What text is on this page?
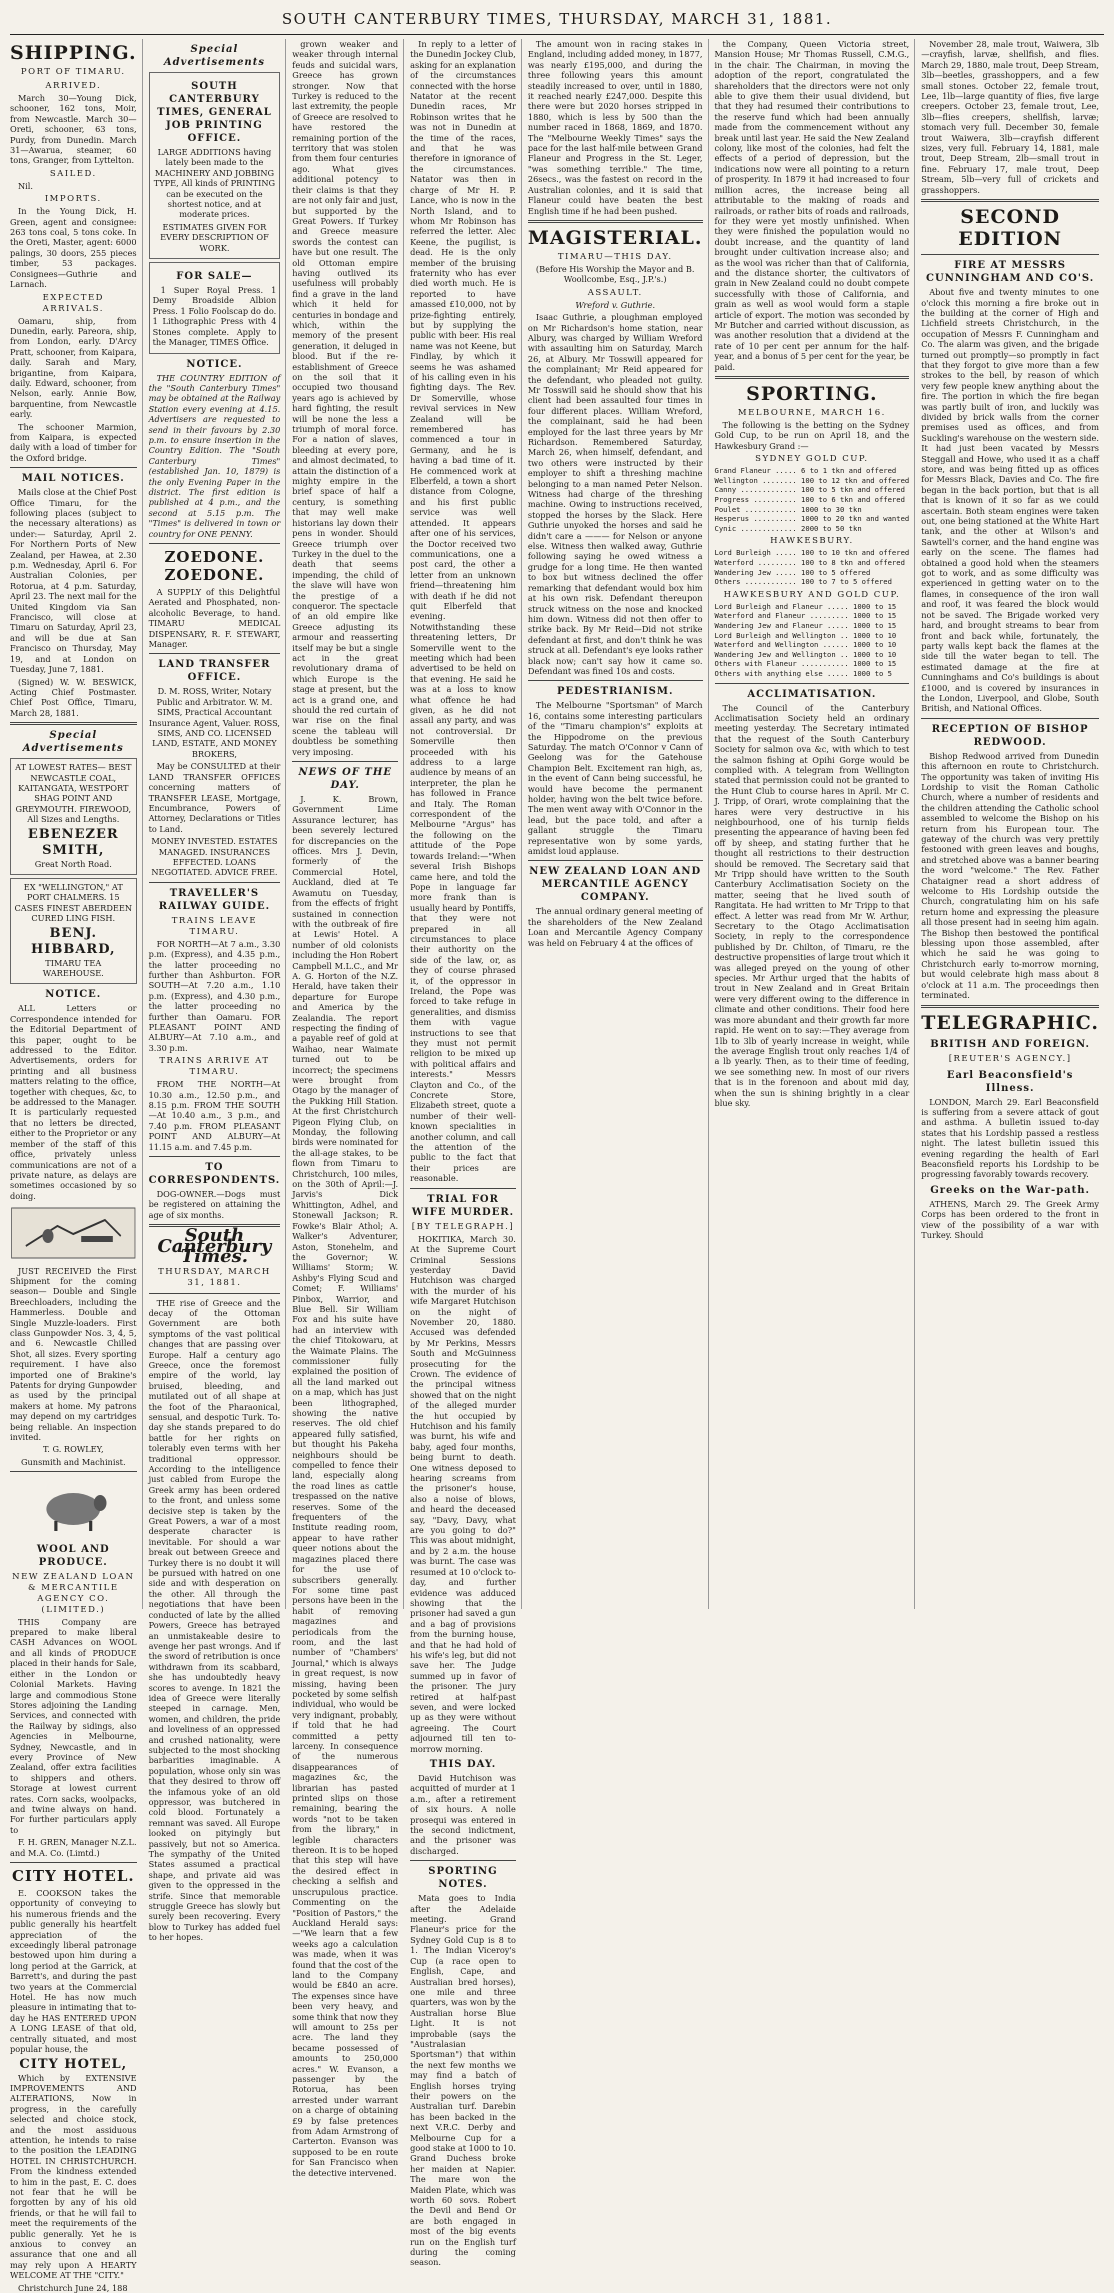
SOUTH CANTERBURY TIMES, THURSDAY, MARCH 31, 1881.
SHIPPING.
PORT OF TIMARU.
ARRIVED.

March 30—Young Dick, schooner, 162 tons, Moir, from Newcastle. March 30—Oreti, schooner, 63 tons, Purdy, from Dunedin. March 31—Awarua, steamer, 60 tons, Granger, from Lyttelton.

SAILED.

Nil.

IMPORTS.

In the Young Dick, H. Green, agent and consignee: 263 tons coal, 5 tons coke. In the Oreti, Master, agent: 6000 palings, 30 doors, 255 pieces timber, 53 packages. Consignees—Guthrie and Larnach.

EXPECTED ARRIVALS.

Oamaru, ship, from Dunedin, early. Pareora, ship, from London, early. D'Arcy Pratt, schooner, from Kaipara, daily. Sarah and Mary, brigantine, from Kaipara, daily. Edward, schooner, from Nelson, early. Annie Bow, barquentine, from Newcastle early.

The schooner Marmion, from Kaipara, is expected daily with a load of timber for the Oxford bridge.

MAIL NOTICES.

Mails close at the Chief Post Office Timaru, for the following places (subject to the necessary alterations) as under:— Saturday, April 2. For Northern Ports of New Zealand, per Hawea, at 2.30 p.m. Wednesday, April 6. For Australian Colonies, per Rotorua, at 4 p.m. Saturday, April 23. The next mail for the United Kingdom via San Francisco, will close at Timaru on Saturday, April 23, and will be due at San Francisco on Thursday, May 19, and at London on Tuesday, June 7, 1881.

(Signed) W. W. BESWICK, Acting Chief Postmaster. Chief Post Office, Timaru, March 28, 1881.

Special Advertisements

AT LOWEST RATES— BEST NEWCASTLE COAL, KAITANGATA, WESTPORT SHAG POINT AND GREYMOUTH. FIREWOOD, All Sizes and Lengths.

EBENEZER SMITH,

Great North Road.

EX "WELLINGTON," AT PORT CHALMERS. 15 CASES FINEST ABERDEEN CURED LING FISH.

BENJ. HIBBARD,

TIMARU TEA WAREHOUSE.

NOTICE.

ALL Letters or Correspondence intended for the Editorial Department of this paper, ought to be addressed to the Editor. Advertisements, orders for printing and all business matters relating to the office, together with cheques, &c, to be addressed to the Manager. It is particularly requested that no letters be directed, either to the Proprietor or any member of the staff of this office, privately unless communications are not of a private nature, as delays are sometimes occasioned by so doing.

JUST RECEIVED the First Shipment for the coming season— Double and Single Breechloaders, including the Hammerless. Double and Single Muzzle-loaders. First class Gunpowder Nos. 3, 4, 5, and 6. Newcastle Chilled Shot, all sizes. Every sporting requirement. I have also imported one of Brakine's Patents for drying Gunpowder as used by the principal makers at home. My patrons may depend on my cartridges being reliable. An inspection invited.

T. G. ROWLEY,

Gunsmith and Machinist.

WOOL AND PRODUCE.
NEW ZEALAND LOAN & MERCANTILE AGENCY CO. (LIMITED.)

THIS Company are prepared to make liberal CASH Advances on WOOL and all kinds of PRODUCE placed in their hands for Sale, either in the London or Colonial Markets. Having large and commodious Stone Stores adjoining the Landing Services, and connected with the Railway by sidings, also Agencies in Melbourne, Sydney, Newcastle, and in every Province of New Zealand, offer extra facilities to shippers and others. Storage at lowest current rates. Corn sacks, woolpacks, and twine always on hand. For further particulars apply to

F. H. GREN, Manager N.Z.L. and M.A. Co. (Limtd.)

CITY HOTEL.

E. COOKSON takes the opportunity of conveying to his numerous friends and the public generally his heartfelt appreciation of the exceedingly liberal patronage bestowed upon him during a long period at the Garrick, at Barrett's, and during the past two years at the Commercial Hotel. He has now much pleasure in intimating that to-day he HAS ENTERED UPON A LONG LEASE of that old, centrally situated, and most popular house, the

CITY HOTEL,

Which by EXTENSIVE IMPROVEMENTS AND ALTERATIONS, Now in progress, in the carefully selected and choice stock, and the most assiduous attention, he intends to raise to the position the LEADING HOTEL IN CHRISTCHURCH. From the kindness extended to him in the past, E. C. does not fear that he will be forgotten by any of his old friends, or that he will fail to meet the requirements of the public generally. Yet he is anxious to convey an assurance that one and all may rely upon A HEARTY WELCOME AT THE "CITY."

Christchurch June 24, 188

Special Advertisements
SOUTH CANTERBURY TIMES, GENERAL JOB PRINTING OFFICE.

LARGE ADDITIONS having lately been made to the MACHINERY AND JOBBING TYPE, All kinds of PRINTING can be executed on the shortest notice, and at moderate prices.

ESTIMATES GIVEN FOR EVERY DESCRIPTION OF WORK.

FOR SALE—

1 Super Royal Press. 1 Demy Broadside Albion Press. 1 Folio Foolscap do do. 1 Lithographic Press with 4 Stones complete. Apply to the Manager, TIMES Office.

NOTICE.

THE COUNTRY EDITION of the "South Canterbury Times" may be obtained at the Railway Station every evening at 4.15. Advertisers are requested to send in their favours by 2.30 p.m. to ensure insertion in the Country Edition. The "South Canterbury Times" (established Jan. 10, 1879) is the only Evening Paper in the district. The first edition is published at 4 p.m., and the second at 5.15 p.m. The "Times" is delivered in town or country for ONE PENNY.

ZOEDONE. ZOEDONE.

A SUPPLY of this Delightful Aerated and Phosphated, non-alcoholic Beverage, to hand. TIMARU MEDICAL DISPENSARY, R. F. STEWART, Manager.

LAND TRANSFER OFFICE.

D. M. ROSS, Writer, Notary Public and Arbitrator. W. M. SIMS, Practical Accountant Insurance Agent, Valuer. ROSS, SIMS, AND CO. LICENSED LAND, ESTATE, AND MONEY BROKERS,

May be CONSULTED at their LAND TRANSFER OFFICES concerning matters of TRANSFER LEASE, Mortgage, Encumbrance, Powers of Attorney, Declarations or Titles to Land.

MONEY INVESTED. ESTATES MANAGED. INSURANCES EFFECTED. LOANS NEGOTIATED. ADVICE FREE.

TRAVELLER'S RAILWAY GUIDE.
TRAINS LEAVE TIMARU.

FOR NORTH—At 7 a.m., 3.30 p.m. (Express), and 4.35 p.m., the latter proceeding no further than Ashburton. FOR SOUTH—At 7.20 a.m., 1.10 p.m. (Express), and 4.30 p.m., the latter proceeding no further than Oamaru. FOR PLEASANT POINT AND ALBURY—At 7.10 a.m., and 3.30 p.m.

TRAINS ARRIVE AT TIMARU.

FROM THE NORTH—At 10.30 a.m., 12.50 p.m., and 8.15 p.m. FROM THE SOUTH—At 10.40 a.m., 3 p.m., and 7.40 p.m. FROM PLEASANT POINT AND ALBURY—At 11.15 a.m. and 7.45 p.m.

TO CORRESPONDENTS.

DOG-OWNER.—Dogs must be registered on attaining the age of six months.

South Canterbury Times.
THURSDAY, MARCH 31, 1881.

THE rise of Greece and the decay of the Ottoman Government are both symptoms of the vast political changes that are passing over Europe. Half a century ago Greece, once the foremost empire of the world, lay bruised, bleeding, and mutilated out of all shape at the foot of the Pharaonical, sensual, and despotic Turk. To-day she stands prepared to do battle for her rights on tolerably even terms with her traditional oppressor. According to the intelligence just cabled from Europe the Greek army has been ordered to the front, and unless some decisive step is taken by the Great Powers, a war of a most desperate character is inevitable. For should a war break out between Greece and Turkey there is no doubt it will be pursued with hatred on one side and with desperation on the other. All through the negotiations that have been conducted of late by the allied Powers, Greece has betrayed an unmistakeable desire to avenge her past wrongs. And if the sword of retribution is once withdrawn from its scabbard, she has undoubtedly heavy scores to avenge. In 1821 the idea of Greece were literally steeped in carnage. Men, women, and children, the pride and loveliness of an oppressed and crushed nationality, were subjected to the most shocking barbarities imaginable. A population, whose only sin was that they desired to throw off the infamous yoke of an old oppressor, was butchered in cold blood. Fortunately a remnant was saved. All Europe looked on pityingly but passively, but not so America. The sympathy of the United States assumed a practical shape, and private aid was given to the oppressed in the strife. Since that memorable struggle Greece has slowly but surely been recovering. Every blow to Turkey has added fuel to her hopes.

grown weaker and weaker through internal feuds and suicidal wars, Greece has grown stronger. Now that Turkey is reduced to the last extremity, the people of Greece are resolved to have restored the remaining portion of the territory that was stolen from them four centuries ago. What gives additional potency to their claims is that they are not only fair and just, but supported by the Great Powers. If Turkey and Greece measure swords the contest can have but one result. The old Ottoman empire having outlived its usefulness will probably find a grave in the land which it held for centuries in bondage and which, within the memory of the present generation, it deluged in blood. But if the re-establishment of Greece on the soil that it occupied two thousand years ago is achieved by hard fighting, the result will be none the less a triumph of moral force. For a nation of slaves, bleeding at every pore, and almost decimated, to attain the distinction of a mighty empire in the brief space of half a century, is something that may well make historians lay down their pens in wonder. Should Greece triumph over Turkey in the duel to the death that seems impending, the child of the slave will have won the prestige of a conqueror. The spectacle of an old empire like Greece adjusting its armour and reasserting itself may be but a single act in the great revolutionary drama of which Europe is the stage at present, but the act is a grand one, and should the red curtain of war rise on the final scene the tableau will doubtless be something very imposing.

NEWS OF THE DAY.

J. K. Brown, Government Lime Assurance lecturer, has been severely lectured for discrepancies on the offices. Mrs J. Devin, formerly of the Commercial Hotel, Auckland, died at Te Awamutu on Tuesday, from the effects of fright sustained in connection with the outbreak of fire at Lewis' Hotel. A number of old colonists including the Hon Robert Campbell M.L.C., and Mr A. G. Horton of the N.Z. Herald, have taken their departure for Europe and America by the Zealandia. The report respecting the finding of a payable reef of gold at Waihao, near Waimate turned out to be incorrect; the specimens were brought from Otago by the manager of the Pukking Hill Station. At the first Christchurch Pigeon Flying Club, on Monday, the following birds were nominated for the all-age stakes, to be flown from Timaru to Christchurch, 100 miles, on the 30th of April:—J. Jarvis's Dick Whittington, Adhel, and Stonewall Jackson; R. Fowke's Blair Athol; A. Walker's Adventurer, Aston, Stonehelm, and the Governor; W. Williams' Storm; W. Ashby's Flying Scud and Comet; F. Williams' Pinbox, Warrior, and Blue Bell. Sir William Fox and his suite have had an interview with the chief Titokowaru, at the Waimate Plains. The commissioner fully explained the position of all the land marked out on a map, which has just been lithographed, showing the native reserves. The old chief appeared fully satisfied, but thought his Pakeha neighbours should be compelled to fence their land, especially along the road lines as cattle trespassed on the native reserves. Some of the frequenters of the Institute reading room, appear to have rather queer notions about the magazines placed there for the use of subscribers generally. For some time past persons have been in the habit of removing magazines and periodicals from the room, and the last number of "Chambers' Journal," which is always in great request, is now missing, having been pocketed by some selfish individual, who would be very indignant, probably, if told that he had committed a petty larceny. In consequence of the numerous disappearances of magazines &c, the librarian has pasted printed slips on those remaining, bearing the words "not to be taken from the library," in legible characters thereon. It is to be hoped that this step will have the desired effect in checking a selfish and unscrupulous practice. Commenting on the "Position of Pastors," the Auckland Herald says:—"We learn that a few weeks ago a calculation was made, when it was found that the cost of the land to the Company would be £840 an acre. The expenses since have been very heavy, and some think that now they will amount to 25s per acre. The land they became possessed of amounts to 250,000 acres." W. Evanson, a passenger by the Rotorua, has been arrested under warrant on a charge of obtaining £9 by false pretences from Adam Armstrong of Carterton. Evanson was supposed to be en route for San Francisco when the detective intervened.

In reply to a letter of the Dunedin Jockey Club, asking for an explanation of the circumstances connected with the horse Natator at the recent Dunedin races, Mr Robinson writes that he was not in Dunedin at the time of the races, and that he was therefore in ignorance of the circumstances. Natator was then in charge of Mr H. P. Lance, who is now in the North Island, and to whom Mr Robinson has referred the letter. Alec Keene, the pugilist, is dead. He is the only member of the bruising fraternity who has ever died worth much. He is reported to have amassed £10,000, not by prize-fighting entirely, but by supplying the public with beer. His real name was not Keene, but Findlay, by which it seems he was ashamed of his calling even in his fighting days. The Rev. Dr Somerville, whose revival services in New Zealand will be remembered has commenced a tour in Germany, and he is having a bad time of it. He commenced work at Elberfeld, a town a short distance from Cologne, and his first public service was well attended. It appears after one of his services, the Doctor received two communications, one a post card, the other a letter from an unknown friend—threatening him with death if he did not quit Elberfeld that evening. Notwithstanding these threatening letters, Dr Somerville went to the meeting which had been advertised to be held on that evening. He said he was at a loss to know what offence he had given, as he did not assail any party, and was not controversial. Dr Somerville then proceeded with his address to a large audience by means of an interpreter, the plan he has followed in France and Italy. The Roman correspondent of the Melbourne "Argus" has the following on the attitude of the Pope towards Ireland:—"When several Irish Bishops came here, and told the Pope in language far more frank than is usually heard by Pontiffs, that they were not prepared in all circumstances to place their authority on the side of the law, or, as they of course phrased it, of the oppressor in Ireland, the Pope was forced to take refuge in generalities, and dismiss them with vague instructions to see that they must not permit religion to be mixed up with political affairs and interests." Messrs Clayton and Co., of the Concrete Store, Elizabeth street, quote a number of their well-known specialities in another column, and call the attention of the public to the fact that their prices are reasonable.

TRIAL FOR WIFE MURDER.
[BY TELEGRAPH.]

HOKITIKA, March 30. At the Supreme Court Criminal Sessions yesterday David Hutchison was charged with the murder of his wife Margaret Hutchison on the night of November 20, 1880. Accused was defended by Mr Perkins, Messrs South and McGuinness prosecuting for the Crown. The evidence of the principal witness showed that on the night of the alleged murder the hut occupied by Hutchison and his family was burnt, his wife and baby, aged four months, being burnt to death. One witness deposed to hearing screams from the prisoner's house, also a noise of blows, and heard the deceased say, "Davy, Davy, what are you going to do?" This was about midnight, and by 2 a.m. the house was burnt. The case was resumed at 10 o'clock to-day, and further evidence was adduced showing that the prisoner had saved a gun and a bag of provisions from the burning house, and that he had hold of his wife's leg, but did not save her. The Judge summed up in favor of the prisoner. The jury retired at half-past seven, and were locked up as they were without agreeing. The Court adjourned till ten to-morrow morning.

THIS DAY.

David Hutchison was acquitted of murder at 1 a.m., after a retirement of six hours. A nolle prosequi was entered in the second indictment, and the prisoner was discharged.

SPORTING NOTES.

Mata goes to India after the Adelaide meeting. Grand Flaneur's price for the Sydney Gold Cup is 8 to 1. The Indian Viceroy's Cup (a race open to English, Cape, and Australian bred horses), one mile and three quarters, was won by the Australian horse Blue Light. It is not improbable (says the "Australasian Sportsman") that within the next few months we may find a batch of English horses trying their powers on the Australian turf. Darebin has been backed in the next V.R.C. Derby and Melbourne Cup for a good stake at 1000 to 10. Grand Duchess broke her maiden at Napier. The mare won the Maiden Plate, which was worth 60 sovs. Robert the Devil and Bend Or are both engaged in most of the big events run on the English turf during the coming season.

The amount won in racing stakes in England, including added money, in 1877, was nearly £195,000, and during the three following years this amount steadily increased to over, until in 1880, it reached nearly £247,000. Despite this there were but 2020 horses stripped in 1880, which is less by 500 than the number raced in 1868, 1869, and 1870. The "Melbourne Weekly Times" says the pace for the last half-mile between Grand Flaneur and Progress in the St. Leger, "was something terrible." The time, 26secs., was the fastest on record in the Australian colonies, and it is said that Flaneur could have beaten the best English time if he had been pushed.

MAGISTERIAL.
TIMARU—THIS DAY.

(Before His Worship the Mayor and B. Woollcombe, Esq., J.P.'s.)

ASSAULT.

Wreford v. Guthrie.

Isaac Guthrie, a ploughman employed on Mr Richardson's home station, near Albury, was charged by William Wreford with assaulting him on Saturday, March 26, at Albury. Mr Tosswill appeared for the complainant; Mr Reid appeared for the defendant, who pleaded not guilty. Mr Tosswill said he should show that his client had been assaulted four times in four different places. William Wreford, the complainant, said he had been employed for the last three years by Mr Richardson. Remembered Saturday, March 26, when himself, defendant, and two others were instructed by their employer to shift a threshing machine belonging to a man named Peter Nelson. Witness had charge of the threshing machine. Owing to instructions received, stopped the horses by the Slack. Here Guthrie unyoked the horses and said he didn't care a ——— for Nelson or anyone else. Witness then walked away, Guthrie following saying he owed witness a grudge for a long time. He then wanted to box but witness declined the offer remarking that defendant would box him at his own risk. Defendant thereupon struck witness on the nose and knocked him down. Witness did not then offer to strike back. By Mr Reid—Did not strike defendant at first, and don't think he was struck at all. Defendant's eye looks rather black now; can't say how it came so. Defendant was fined 10s and costs.

PEDESTRIANISM.

The Melbourne "Sportsman" of March 16, contains some interesting particulars of the "Timaru champion's" exploits at the Hippodrome on the previous Saturday. The match O'Connor v Cann of Geelong was for the Gatehouse Champion Belt. Excitement ran high, as, in the event of Cann being successful, he would have become the permanent holder, having won the belt twice before. The men went away with O'Connor in the lead, but the pace told, and after a gallant struggle the Timaru representative won by some yards, amidst loud applause.

NEW ZEALAND LOAN AND MERCANTILE AGENCY COMPANY.

The annual ordinary general meeting of the shareholders of the New Zealand Loan and Mercantile Agency Company was held on February 4 at the offices of

the Company, Queen Victoria street, Mansion House; Mr Thomas Russell, C.M.G., in the chair. The Chairman, in moving the adoption of the report, congratulated the shareholders that the directors were not only able to give them their usual dividend, but that they had resumed their contributions to the reserve fund which had been annually made from the commencement without any break until last year. He said the New Zealand colony, like most of the colonies, had felt the effects of a period of depression, but the indications now were all pointing to a return of prosperity. In 1879 it had increased to four million acres, the increase being all attributable to the making of roads and railroads, or rather bits of roads and railroads, for they were yet mostly unfinished. When they were finished the population would no doubt increase, and the quantity of land brought under cultivation increase also; and as the wool was richer than that of California, and the distance shorter, the cultivators of grain in New Zealand could no doubt compete successfully with those of California, and grain as well as wool would form a staple article of export. The motion was seconded by Mr Butcher and carried without discussion, as was another resolution that a dividend at the rate of 10 per cent per annum for the half-year, and a bonus of 5 per cent for the year, be paid.

SPORTING.
MELBOURNE, MARCH 16.

The following is the betting on the Sydney Gold Cup, to be run on April 18, and the Hawkesbury Grand :—

SYDNEY GOLD CUP.
Grand Flaneur ..... 6 to 1 tkn and offered
Wellington ........ 100 to 12 tkn and offered
Canny ............. 100 to 5 tkn and offered
Progress .......... 100 to 6 tkn and offered
Poulet ............ 1000 to 30 tkn
Hesperus .......... 1000 to 20 tkn and wanted
Cynic ............. 2000 to 50 tkn
HAWKESBURY.
Lord Burleigh ..... 100 to 10 tkn and offered
Waterford ......... 100 to 8 tkn and offered
Wandering Jew ..... 100 to 5 offered
Others ............ 100 to 7 to 5 offered
HAWKESBURY AND GOLD CUP.
Lord Burleigh and Flaneur ..... 1000 to 15
Waterford and Flaneur ......... 1000 to 15
Wandering Jew and Flaneur ..... 1000 to 15
Lord Burleigh and Wellington .. 1000 to 10
Waterford and Wellington ...... 1000 to 10
Wandering Jew and Wellington .. 1000 to 10
Others with Flaneur ........... 1000 to 15
Others with anything else ..... 1000 to 5
ACCLIMATISATION.

The Council of the Canterbury Acclimatisation Society held an ordinary meeting yesterday. The Secretary intimated that the request of the South Canterbury Society for salmon ova &c, with which to test the salmon fishing at Opihi Gorge would be complied with. A telegram from Wellington stated that permission could not be granted to the Hunt Club to course hares in April. Mr C. J. Tripp, of Orari, wrote complaining that the hares were very destructive in his neighbourhood, one of his turnip fields presenting the appearance of having been fed off by sheep, and stating further that he thought all restrictions to their destruction should be removed. The Secretary said that Mr Tripp should have written to the South Canterbury Acclimatisation Society on the matter, seeing that he lived south of Rangitata. He had written to Mr Tripp to that effect. A letter was read from Mr W. Arthur, Secretary to the Otago Acclimatisation Society, in reply to the correspondence published by Dr. Chilton, of Timaru, re the destructive propensities of large trout which it was alleged preyed on the young of other species. Mr Arthur urged that the habits of trout in New Zealand and in Great Britain were very different owing to the difference in climate and other conditions. Their food here was more abundant and their growth far more rapid. He went on to say:—They average from 1lb to 3lb of yearly increase in weight, while the average English trout only reaches 1/4 of a lb yearly. Then, as to their time of feeding, we see something new. In most of our rivers that is in the forenoon and about mid day, when the sun is shining brightly in a clear blue sky.

November 28, male trout, Waiwera, 3lb—crayfish, larvæ, shellfish, and flies. March 29, 1880, male trout, Deep Stream, 3lb—beetles, grasshoppers, and a few small stones. October 22, female trout, Lee, 1lb—large quantity of flies, five large creepers. October 23, female trout, Lee, 3lb—flies creepers, shellfish, larvæ; stomach very full. December 30, female trout Waiwera, 3lb—crayfish different sizes, very full. February 14, 1881, male trout, Deep Stream, 2lb—small trout in fine. February 17, male trout, Deep Stream, 5lb—very full of crickets and grasshoppers.

SECOND EDITION
FIRE AT MESSRS CUNNINGHAM AND CO'S.

About five and twenty minutes to one o'clock this morning a fire broke out in the building at the corner of High and Lichfield streets Christchurch, in the occupation of Messrs F. Cunningham and Co. The alarm was given, and the brigade turned out promptly—so promptly in fact that they forgot to give more than a few strokes to the bell, by reason of which very few people knew anything about the fire. The portion in which the fire began was partly built of iron, and luckily was divided by brick walls from the corner premises used as offices, and from Suckling's warehouse on the western side. It had just been vacated by Messrs Steggall and Howe, who used it as a chaff store, and was being fitted up as offices for Messrs Black, Davies and Co. The fire began in the back portion, but that is all that is known of it so far as we could ascertain. Both steam engines were taken out, one being stationed at the White Hart tank, and the other at Wilson's and Sawtell's corner, and the hand engine was early on the scene. The flames had obtained a good hold when the steamers got to work, and as some difficulty was experienced in getting water on to the flames, in consequence of the iron wall and roof, it was feared the block would not be saved. The Brigade worked very hard, and brought streams to bear from front and back while, fortunately, the party walls kept back the flames at the side till the water began to tell. The estimated damage at the fire at Cunninghams and Co's buildings is about £1000, and is covered by insurances in the London, Liverpool, and Globe, South British, and National Offices.

RECEPTION OF BISHOP REDWOOD.

Bishop Redwood arrived from Dunedin this afternoon en route to Christchurch. The opportunity was taken of inviting His Lordship to visit the Roman Catholic Church, where a number of residents and the children attending the Catholic school assembled to welcome the Bishop on his return from his European tour. The gateway of the church was very prettily festooned with green leaves and boughs, and stretched above was a banner bearing the word "welcome." The Rev. Father Chataigner read a short address of welcome to His Lordship outside the Church, congratulating him on his safe return home and expressing the pleasure all those present had in seeing him again. The Bishop then bestowed the pontifical blessing upon those assembled, after which he said he was going to Christchurch early to-morrow morning, but would celebrate high mass about 8 o'clock at 11 a.m. The proceedings then terminated.

TELEGRAPHIC.
BRITISH AND FOREIGN.
[REUTER'S AGENCY.]
Earl Beaconsfield's Illness.

LONDON, March 29. Earl Beaconsfield is suffering from a severe attack of gout and asthma. A bulletin issued to-day states that his Lordship passed a restless night. The latest bulletin issued this evening regarding the health of Earl Beaconsfield reports his Lordship to be progressing favorably towards recovery.

Greeks on the War-path.

ATHENS, March 29. The Greek Army Corps has been ordered to the front in view of the possibility of a war with Turkey. Should
